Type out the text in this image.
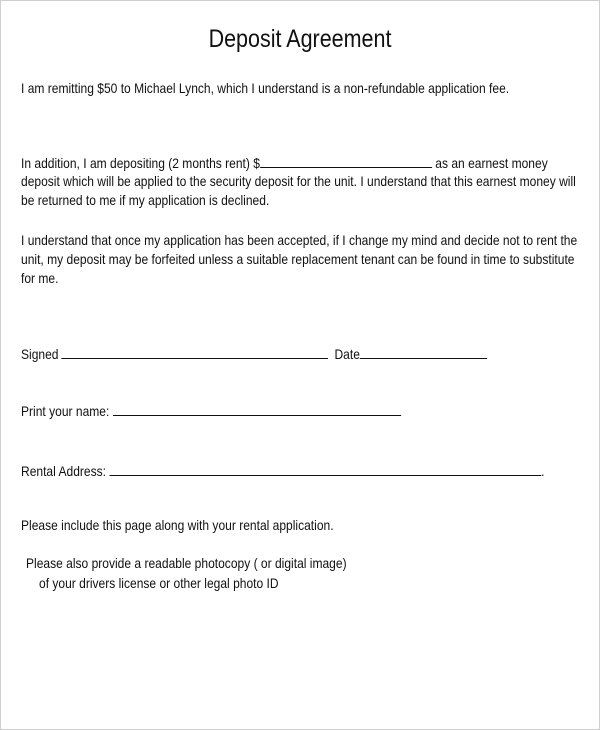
Deposit Agreement
I am remitting $50 to Michael Lynch, which I understand is a non-refundable application fee.
In addition, I am depositing (2 months rent) $	as an earnest money
deposit which will be applied to the security deposit for the unit. I understand that this earnest money will
be returned to me if my application is declined.
I understand that once my application has been accepted, if I change my mind and decide not to rent the
unit, my deposit may be forfeited unless a suitable replacement tenant can be found in time to substitute
for me.
Signed	Date
Print your name:
Rental Address:	.
Please include this page along with your rental application.
Please also provide a readable photocopy ( or digital image)
of your drivers license or other legal photo ID
